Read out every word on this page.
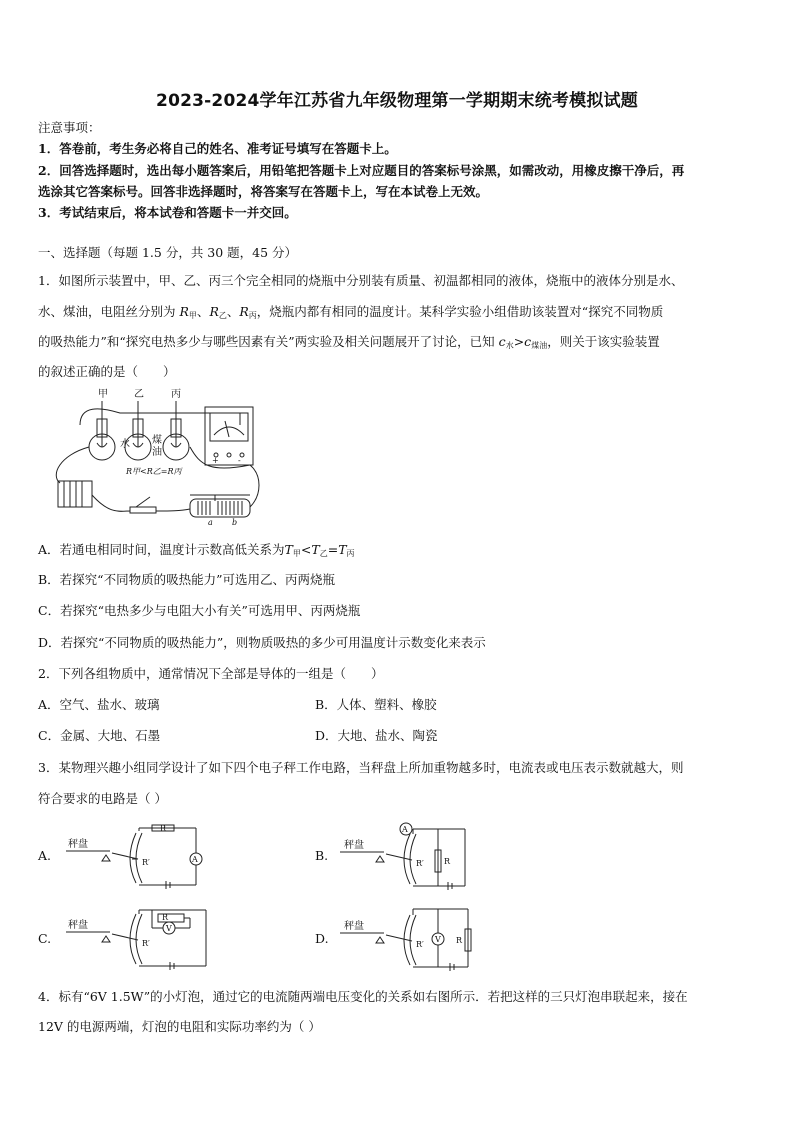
2023-2024学年江苏省九年级物理第一学期期末统考模拟试题
注意事项：
1．答卷前，考生务必将自己的姓名、准考证号填写在答题卡上。
2．回答选择题时，选出每小题答案后，用铅笔把答题卡上对应题目的答案标号涂黑，如需改动，用橡皮擦干净后，再
选涂其它答案标号。回答非选择题时，将答案写在答题卡上，写在本试卷上无效。
3．考试结束后，将本试卷和答题卡一并交回。
一、选择题（每题 1.5 分，共 30 题，45 分）
1．如图所示装置中，甲、乙、丙三个完全相同的烧瓶中分别装有质量、初温都相同的液体，烧瓶中的液体分别是水、
水、煤油，电阻丝分别为 $R_甲$、$R_乙$、$R_丙$，烧瓶内都有相同的温度计。某科学实验小组借助该装置对“探究不同物质
的吸热能力”和“探究电热多少与哪些因素有关”两实验及相关问题展开了讨论，已知 $c_水>c_{煤油}$，则关于该实验装置
的叙述正确的是（　　）
甲	乙	丙
水 煤
油
R甲<R乙=R丙
+ -
a b
A．若通电相同时间，温度计示数高低关系为$T_甲<T_乙=T_丙$
B．若探究“不同物质的吸热能力”可选用乙、丙两烧瓶
C．若探究“电热多少与电阻大小有关”可选用甲、丙两烧瓶
D．若探究“不同物质的吸热能力”，则物质吸热的多少可用温度计示数变化来表示
2．下列各组物质中，通常情况下全部是导体的一组是（　　）
A．空气、盐水、玻璃	B．人体、塑料、橡胶
C．金属、大地、石墨	D．大地、盐水、陶瓷
3．某物理兴趣小组同学设计了如下四个电子秤工作电路，当秤盘上所加重物越多时，电流表或电压表示数就越大，则
符合要求的电路是（ ）
A.	B.
C.	D.
秤盘
R
R′	A
秤盘
A
R′	R
秤盘
R
R′
V	秤盘
R′
V R
4．标有“6V 1.5W”的小灯泡，通过它的电流随两端电压变化的关系如右图所示．若把这样的三只灯泡串联起来，接在
12V 的电源两端，灯泡的电阻和实际功率约为（ ）
